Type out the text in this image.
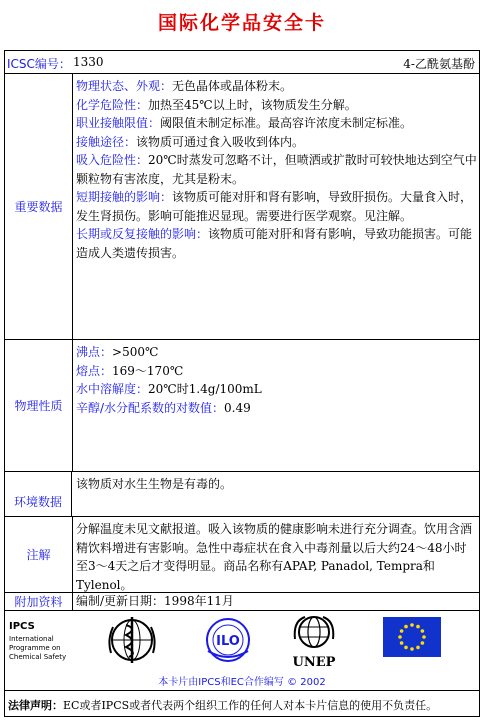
国际化学品安全卡
ICSC编号： 1330	4-乙酰氨基酚
重要数据
物理状态、外观：无色晶体或晶体粉末。
化学危险性：加热至45℃以上时，该物质发生分解。
职业接触限值：阈限值未制定标准。最高容许浓度未制定标准。
接触途径：该物质可通过食入吸收到体内。
吸入危险性：20℃时蒸发可忽略不计，但喷洒或扩散时可较快地达到空气中颗粒物有害浓度，尤其是粉末。
短期接触的影响：该物质可能对肝和肾有影响，导致肝损伤。大量食入时，发生肾损伤。影响可能推迟显现。需要进行医学观察。见注解。
长期或反复接触的影响：该物质可能对肝和肾有影响，导致功能损害。可能造成人类遗传损害。
物理性质
沸点：>500℃
熔点：169～170℃
水中溶解度：20℃时1.4g/100mL
辛醇/水分配系数的对数值：0.49
环境数据
该物质对水生生物是有毒的。
注解
分解温度未见文献报道。吸入该物质的健康影响未进行充分调查。饮用含酒精饮料增进有害影响。急性中毒症状在食入中毒剂量以后大约24～48小时至3～4天之后才变得明显。商品名称有APAP, Panadol, Tempra和Tylenol。
附加资料	编制/更新日期：1998年11月
IPCS
International
Programme on
Chemical Safety
ILO
UNEP
本卡片由IPCS和EC合作编写 © 2002
法律声明：EC或者IPCS或者代表两个组织工作的任何人对本卡片信息的使用不负责任。
